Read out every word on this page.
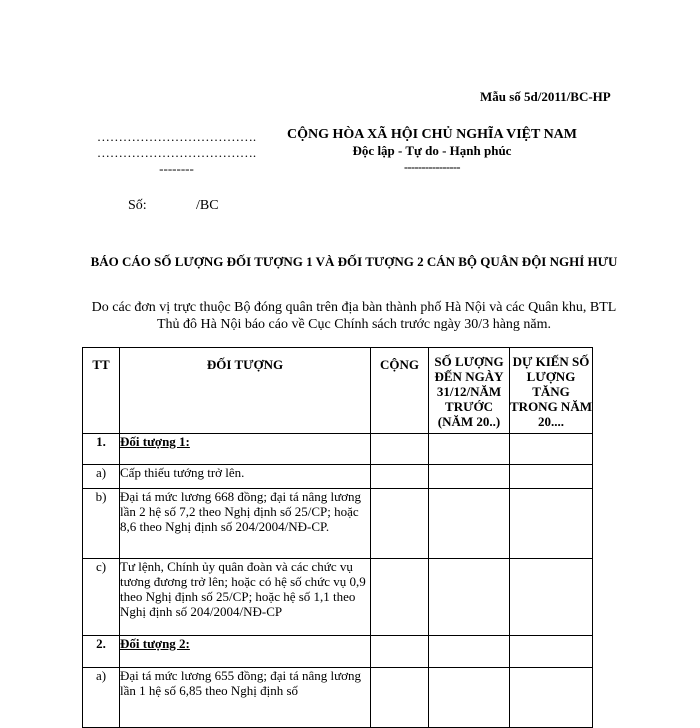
Mẫu số 5d/2011/BC-HP
……………………………….
……………………………….
--------
CỘNG HÒA XÃ HỘI CHỦ NGHĨA VIỆT NAM
Độc lập - Tự do - Hạnh phúc
----------------
Số:	/BC
BÁO CÁO SỐ LƯỢNG ĐỐI TƯỢNG 1 VÀ ĐỐI TƯỢNG 2 CÁN BỘ QUÂN ĐỘI NGHỈ HƯU
Do các đơn vị trực thuộc Bộ đóng quân trên địa bàn thành phố Hà Nội và các Quân khu, BTL Thủ đô Hà Nội báo cáo về Cục Chính sách trước ngày 30/3 hàng năm.
TT	ĐỐI TƯỢNG	CỘNG	SỐ LƯỢNG ĐẾN NGÀY 31/12/NĂM TRƯỚC (NĂM 20..)	DỰ KIẾN SỐ LƯỢNG TĂNG TRONG NĂM 20....
1.	Đối tượng 1:			
a)	Cấp thiếu tướng trở lên.			
b)	Đại tá mức lương 668 đồng; đại tá nâng lương lần 2 hệ số 7,2 theo Nghị định số 25/CP; hoặc 8,6 theo Nghị định số 204/2004/NĐ-CP.			
c)	Tư lệnh, Chính ủy quân đoàn và các chức vụ tương đương trở lên; hoặc có hệ số chức vụ 0,9 theo Nghị định số 25/CP; hoặc hệ số 1,1 theo Nghị định số 204/2004/NĐ-CP			
2.	Đối tượng 2:			
a)	Đại tá mức lương 655 đồng; đại tá nâng lương lần 1 hệ số 6,85 theo Nghị định số			
